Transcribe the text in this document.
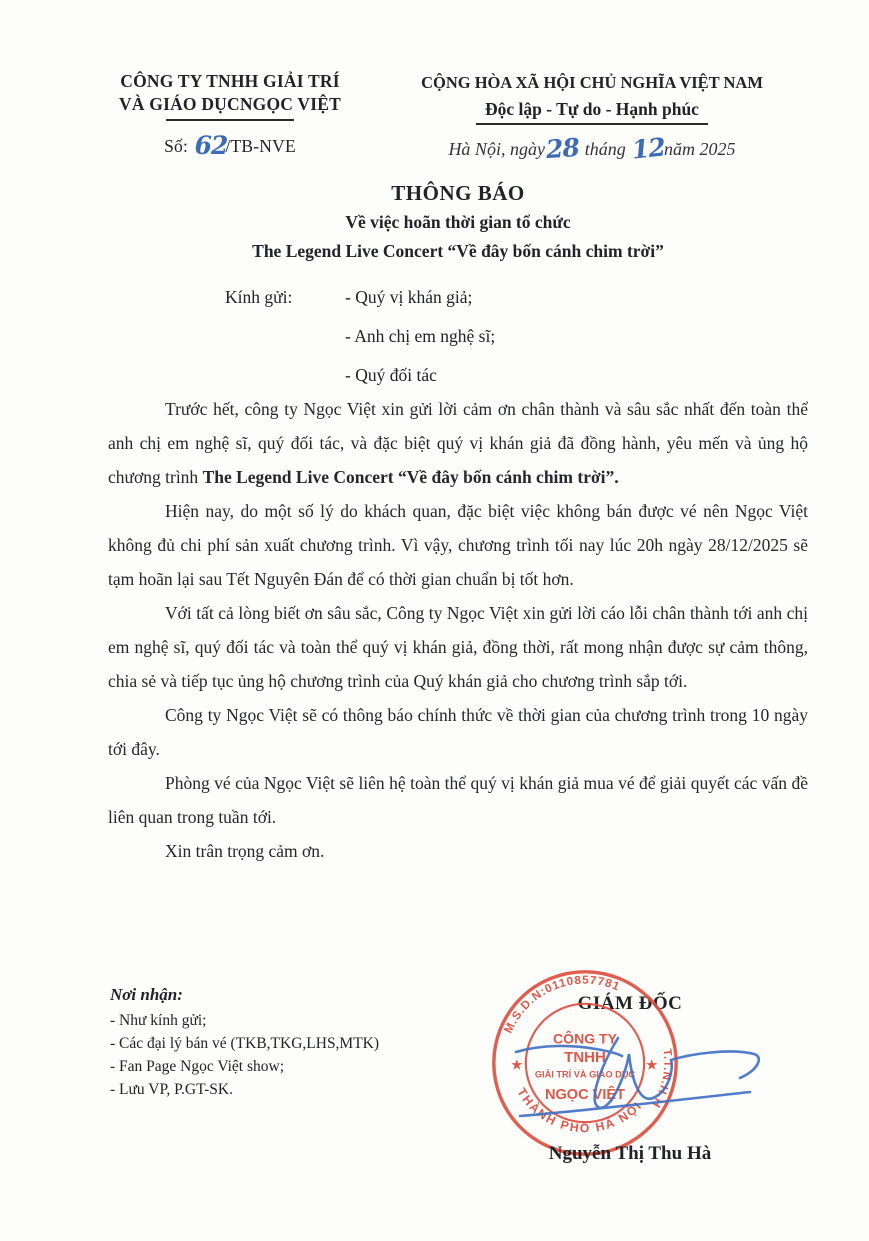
CÔNG TY TNHH GIẢI TRÍ
VÀ GIÁO DỤCNGỌC VIỆT
Số: 62/TB-NVE
CỘNG HÒA XÃ HỘI CHỦ NGHĨA VIỆT NAM
Độc lập - Tự do - Hạnh phúc
Hà Nội, ngày 28 tháng 12năm 2025
THÔNG BÁO
Về việc hoãn thời gian tổ chức
The Legend Live Concert “Về đây bốn cánh chim trời”
Kính gửi:	- Quý vị khán giả;
- Anh chị em nghệ sĩ;
- Quý đối tác

Trước hết, công ty Ngọc Việt xin gửi lời cảm ơn chân thành và sâu sắc nhất đến toàn thể anh chị em nghệ sĩ, quý đối tác, và đặc biệt quý vị khán giả đã đồng hành, yêu mến và ủng hộ chương trình The Legend Live Concert “Về đây bốn cánh chim trời”.

Hiện nay, do một số lý do khách quan, đặc biệt việc không bán được vé nên Ngọc Việt không đủ chi phí sản xuất chương trình. Vì vậy, chương trình tối nay lúc 20h ngày 28/12/2025 sẽ tạm hoãn lại sau Tết Nguyên Đán để có thời gian chuẩn bị tốt hơn.

Với tất cả lòng biết ơn sâu sắc, Công ty Ngọc Việt xin gửi lời cáo lỗi chân thành tới anh chị em nghệ sĩ, quý đối tác và toàn thể quý vị khán giả, đồng thời, rất mong nhận được sự cảm thông, chia sẻ và tiếp tục ủng hộ chương trình của Quý khán giả cho chương trình sắp tới.

Công ty Ngọc Việt sẽ có thông báo chính thức về thời gian của chương trình trong 10 ngày tới đây.

Phòng vé của Ngọc Việt sẽ liên hệ toàn thể quý vị khán giả mua vé để giải quyết các vấn đề liên quan trong tuần tới.

Xin trân trọng cảm ơn.

Nơi nhận:
- Như kính gửi;
- Các đại lý bán vé (TKB,TKG,LHS,MTK)
- Fan Page Ngọc Việt show;
- Lưu VP, P.GT-SK.
GIÁM ĐỐC
M.S.D.N:0110857781
T.T.N.H.H
THÀNH PHỐ HÀ NỘI
★	★
CÔNG TY
TNHH
GIẢI TRÍ VÀ GIÁO DỤC
NGỌC VIỆT
Nguyễn Thị Thu Hà
